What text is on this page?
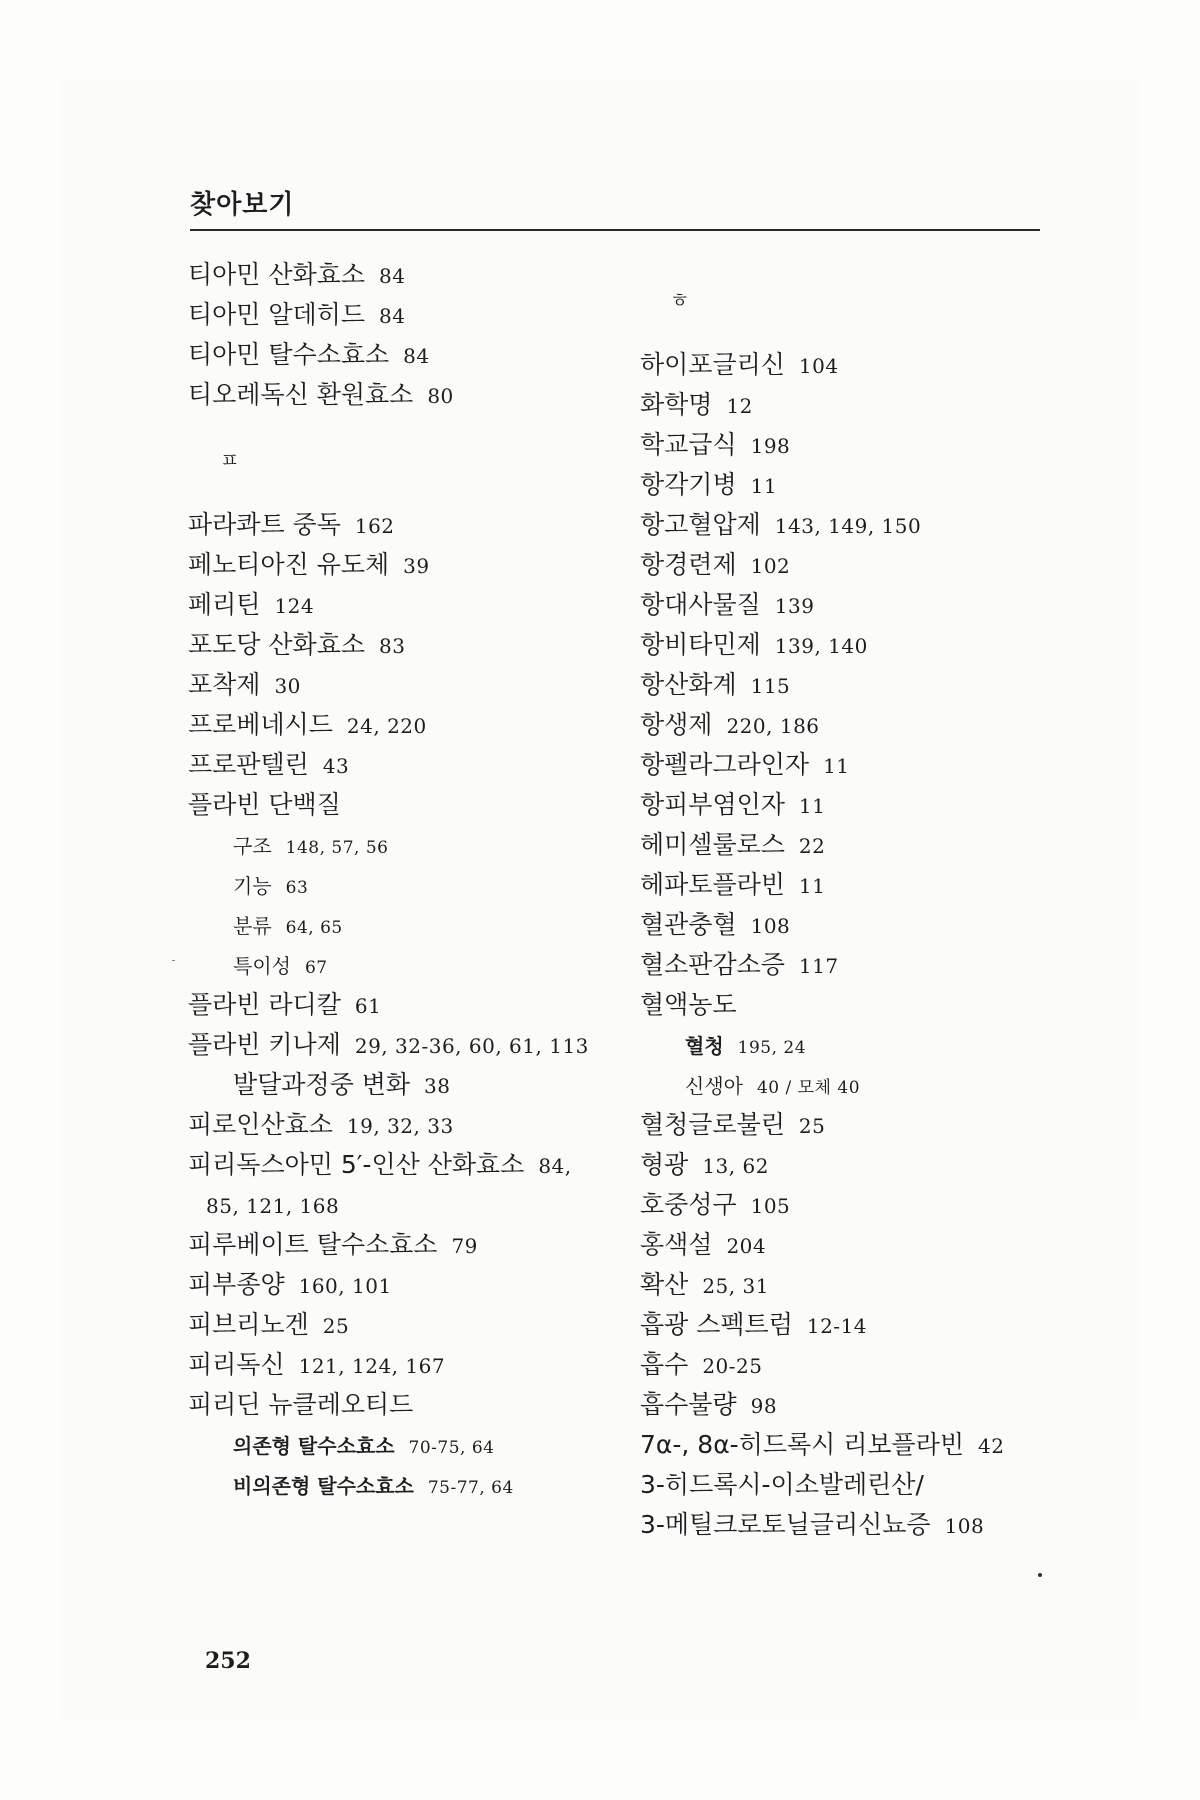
찾아보기
티아민 산화효소 84
티아민 알데히드 84
티아민 탈수소효소 84
티오레독신 환원효소 80
ㅍ
파라콰트 중독 162
페노티아진 유도체 39
페리틴 124
포도당 산화효소 83
포착제 30
프로베네시드 24, 220
프로판텔린 43
플라빈 단백질
구조 148, 57, 56
기능 63
분류 64, 65
특이성 67
플라빈 라디칼 61
플라빈 키나제 29, 32-36, 60, 61, 113
발달과정중 변화 38
피로인산효소 19, 32, 33
피리독스아민 5′-인산 산화효소 84,
85, 121, 168
피루베이트 탈수소효소 79
피부종양 160, 101
피브리노겐 25
피리독신 121, 124, 167
피리딘 뉴클레오티드
의존형 탈수소효소 70-75, 64
비의존형 탈수소효소 75-77, 64
ㅎ
하이포글리신 104
화학명 12
학교급식 198
항각기병 11
항고혈압제 143, 149, 150
항경련제 102
항대사물질 139
항비타민제 139, 140
항산화계 115
항생제 220, 186
항펠라그라인자 11
항피부염인자 11
헤미셀룰로스 22
헤파토플라빈 11
혈관충혈 108
혈소판감소증 117
혈액농도
혈청 195, 24
신생아 40 / 모체 40
혈청글로불린 25
형광 13, 62
호중성구 105
홍색설 204
확산 25, 31
흡광 스펙트럼 12-14
흡수 20-25
흡수불량 98
7α-, 8α-히드록시 리보플라빈 42
3-히드록시-이소발레린산/
3-메틸크로토닐글리신뇨증 108
252
